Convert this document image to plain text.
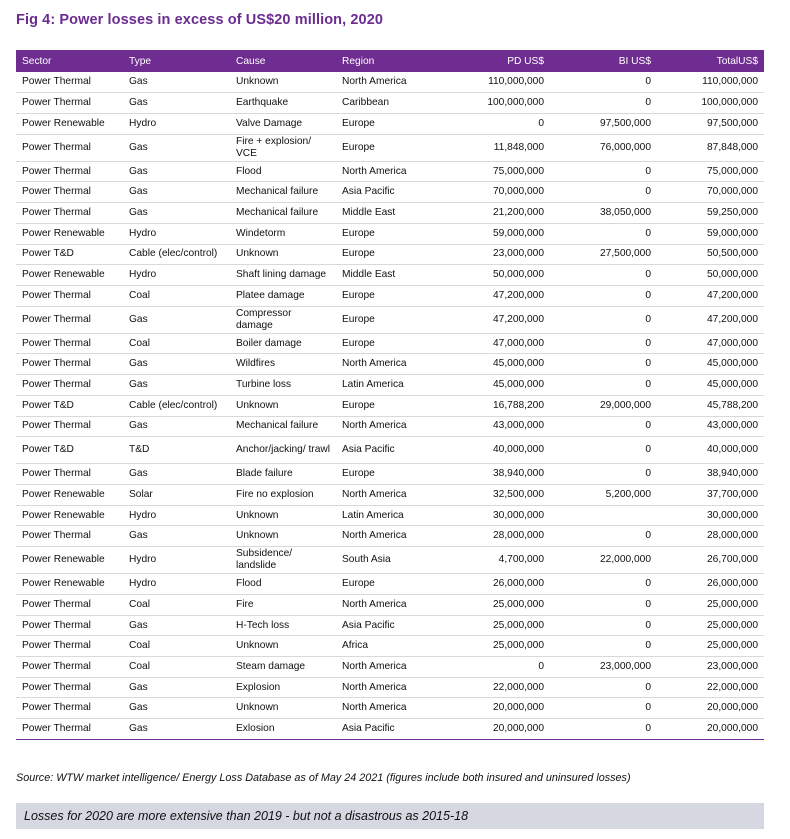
Fig 4: Power losses in excess of US$20 million, 2020
Sector	Type	Cause	Region	PD US$	BI US$	TotalUS$
Power Thermal	Gas	Unknown	North America	110,000,000	0	110,000,000
Power Thermal	Gas	Earthquake	Caribbean	100,000,000	0	100,000,000
Power Renewable	Hydro	Valve Damage	Europe	0	97,500,000	97,500,000
Power Thermal	Gas	Fire + explosion/ VCE	Europe	11,848,000	76,000,000	87,848,000
Power Thermal	Gas	Flood	North America	75,000,000	0	75,000,000
Power Thermal	Gas	Mechanical failure	Asia Pacific	70,000,000	0	70,000,000
Power Thermal	Gas	Mechanical failure	Middle East	21,200,000	38,050,000	59,250,000
Power Renewable	Hydro	Windetorm	Europe	59,000,000	0	59,000,000
Power T&D	Cable (elec/control)	Unknown	Europe	23,000,000	27,500,000	50,500,000
Power Renewable	Hydro	Shaft lining damage	Middle East	50,000,000	0	50,000,000
Power Thermal	Coal	Platee damage	Europe	47,200,000	0	47,200,000
Power Thermal	Gas	Compressor damage	Europe	47,200,000	0	47,200,000
Power Thermal	Coal	Boiler damage	Europe	47,000,000	0	47,000,000
Power Thermal	Gas	Wildfires	North America	45,000,000	0	45,000,000
Power Thermal	Gas	Turbine loss	Latin America	45,000,000	0	45,000,000
Power T&D	Cable (elec/control)	Unknown	Europe	16,788,200	29,000,000	45,788,200
Power Thermal	Gas	Mechanical failure	North America	43,000,000	0	43,000,000
Power T&D	T&D	Anchor/jacking/ trawl	Asia Pacific	40,000,000	0	40,000,000
Power Thermal	Gas	Blade failure	Europe	38,940,000	0	38,940,000
Power Renewable	Solar	Fire no explosion	North America	32,500,000	5,200,000	37,700,000
Power Renewable	Hydro	Unknown	Latin America	30,000,000		30,000,000
Power Thermal	Gas	Unknown	North America	28,000,000	0	28,000,000
Power Renewable	Hydro	Subsidence/ landslide	South Asia	4,700,000	22,000,000	26,700,000
Power Renewable	Hydro	Flood	Europe	26,000,000	0	26,000,000
Power Thermal	Coal	Fire	North America	25,000,000	0	25,000,000
Power Thermal	Gas	H-Tech loss	Asia Pacific	25,000,000	0	25,000,000
Power Thermal	Coal	Unknown	Africa	25,000,000	0	25,000,000
Power Thermal	Coal	Steam damage	North America	0	23,000,000	23,000,000
Power Thermal	Gas	Explosion	North America	22,000,000	0	22,000,000
Power Thermal	Gas	Unknown	North America	20,000,000	0	20,000,000
Power Thermal	Gas	Exlosion	Asia Pacific	20,000,000	0	20,000,000
Source: WTW market intelligence/ Energy Loss Database as of May 24 2021 (figures include both insured and uninsured losses)
Losses for 2020 are more extensive than 2019 - but not a disastrous as 2015-18
